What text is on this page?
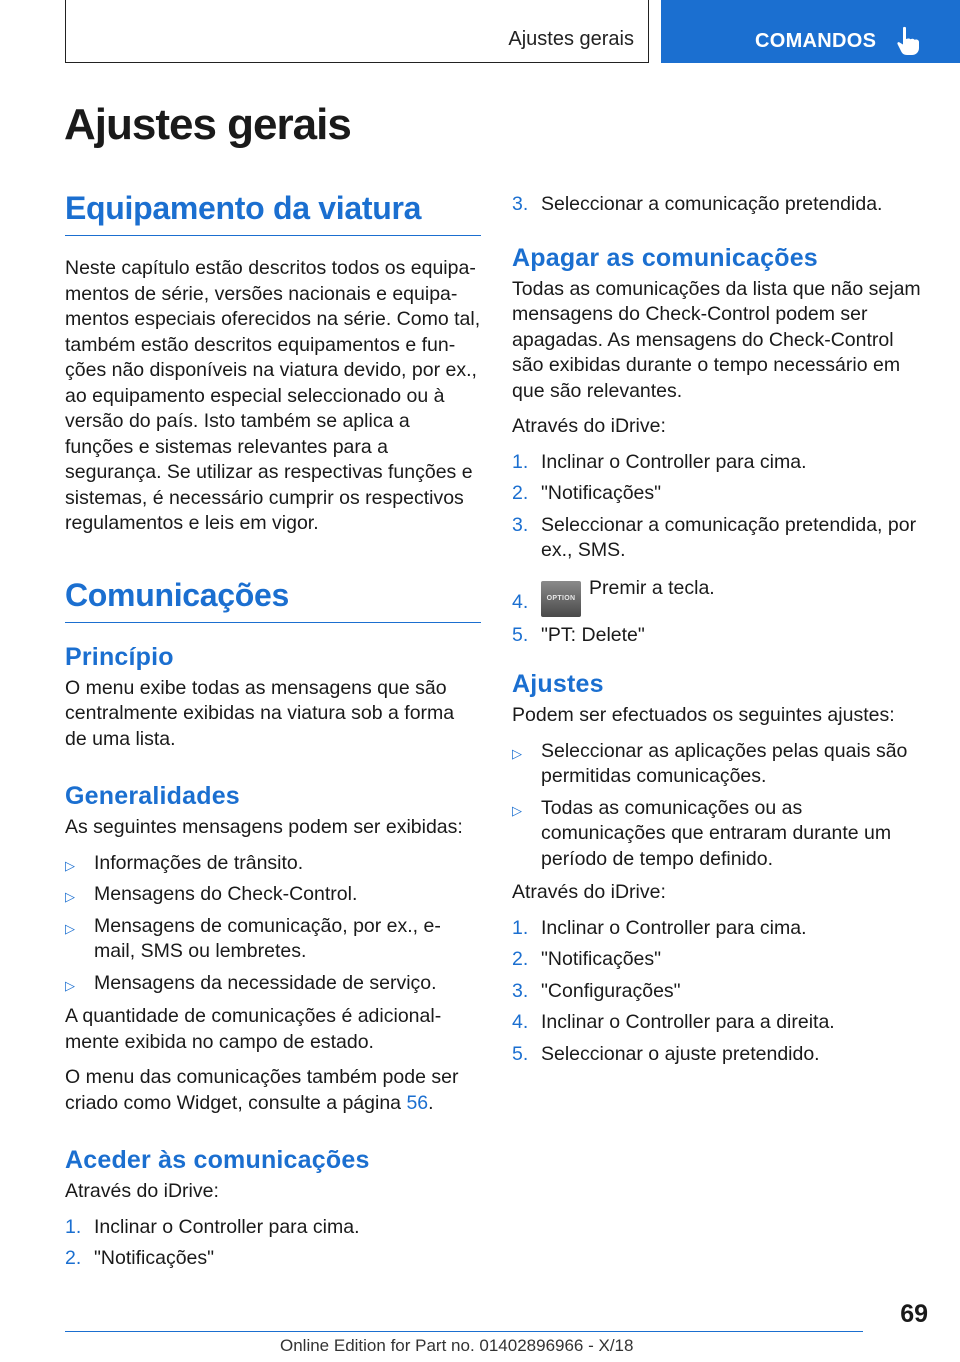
Ajustes gerais	COMANDOS
Ajustes gerais
Equipamento da viatura

Neste capítulo estão descritos todos os equipamentos de série, versões nacionais e equipamentos especiais oferecidos na série. Como tal, também estão descritos equipamentos e funções não disponíveis na viatura devido, por ex., ao equipamento especial seleccionado ou à versão do país. Isto também se aplica a funções e sistemas relevantes para a segurança. Se utilizar as respectivas funções e sistemas, é necessário cumprir os respectivos regulamentos e leis em vigor.

Comunicações
Princípio

O menu exibe todas as mensagens que são centralmente exibidas na viatura sob a forma de uma lista.

Generalidades

As seguintes mensagens podem ser exibidas:

▷ Informações de trânsito.
▷ Mensagens do Check-Control.
▷ Mensagens de comunicação, por ex., e-mail, SMS ou lembretes.
▷ Mensagens da necessidade de serviço.

A quantidade de comunicações é adicionalmente exibida no campo de estado.

O menu das comunicações também pode ser criado como Widget, consulte a página 56.

Aceder às comunicações

Através do iDrive:

1. Inclinar o Controller para cima.
2. "Notificações"
3. Seleccionar a comunicação pretendida.
Apagar as comunicações

Todas as comunicações da lista que não sejam mensagens do Check-Control podem ser apagadas. As mensagens do Check-Control são exibidas durante o tempo necessário em que são relevantes.

Através do iDrive:

1. Inclinar o Controller para cima.
2. "Notificações"
3. Seleccionar a comunicação pretendida, por ex., SMS.
4.	OPTION Premir a tecla.
5. "PT: Delete"
Ajustes

Podem ser efectuados os seguintes ajustes:

▷ Seleccionar as aplicações pelas quais são permitidas comunicações.
▷ Todas as comunicações ou as comunicações que entraram durante um período de tempo definido.

Através do iDrive:

1. Inclinar o Controller para cima.
2. "Notificações"
3. "Configurações"
4. Inclinar o Controller para a direita.
5. Seleccionar o ajuste pretendido.
69
Online Edition for Part no. 01402896966 - X/18
